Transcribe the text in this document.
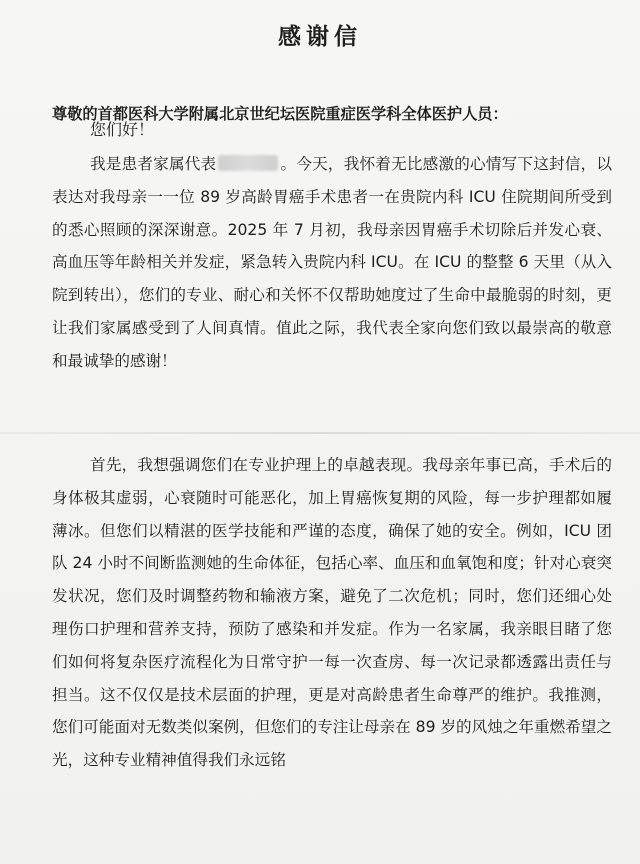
感谢信
尊敬的首都医科大学附属北京世纪坛医院重症医学科全体医护人员：
您们好！

我是患者家属代表	。今天，我怀着无比感激的心情写下这封信，以表达对我母亲一一位 89 岁高龄胃癌手术患者一在贵院内科 ICU 住院期间所受到的悉心照顾的深深谢意。2025 年 7 月初，我母亲因胃癌手术切除后并发心衰、高血压等年龄相关并发症，紧急转入贵院内科 ICU。在 ICU 的整整 6 天里（从入院到转出），您们的专业、耐心和关怀不仅帮助她度过了生命中最脆弱的时刻，更让我们家属感受到了人间真情。值此之际，我代表全家向您们致以最崇高的敬意和最诚挚的感谢！

首先，我想强调您们在专业护理上的卓越表现。我母亲年事已高，手术后的身体极其虚弱，心衰随时可能恶化，加上胃癌恢复期的风险，每一步护理都如履薄冰。但您们以精湛的医学技能和严谨的态度，确保了她的安全。例如，ICU 团队 24 小时不间断监测她的生命体征，包括心率、血压和血氧饱和度；针对心衰突发状况，您们及时调整药物和输液方案，避免了二次危机；同时，您们还细心处理伤口护理和营养支持，预防了感染和并发症。作为一名家属，我亲眼目睹了您们如何将复杂医疗流程化为日常守护一每一次查房、每一次记录都透露出责任与担当。这不仅仅是技术层面的护理，更是对高龄患者生命尊严的维护。我推测，您们可能面对无数类似案例，但您们的专注让母亲在 89 岁的风烛之年重燃希望之光，这种专业精神值得我们永远铭
